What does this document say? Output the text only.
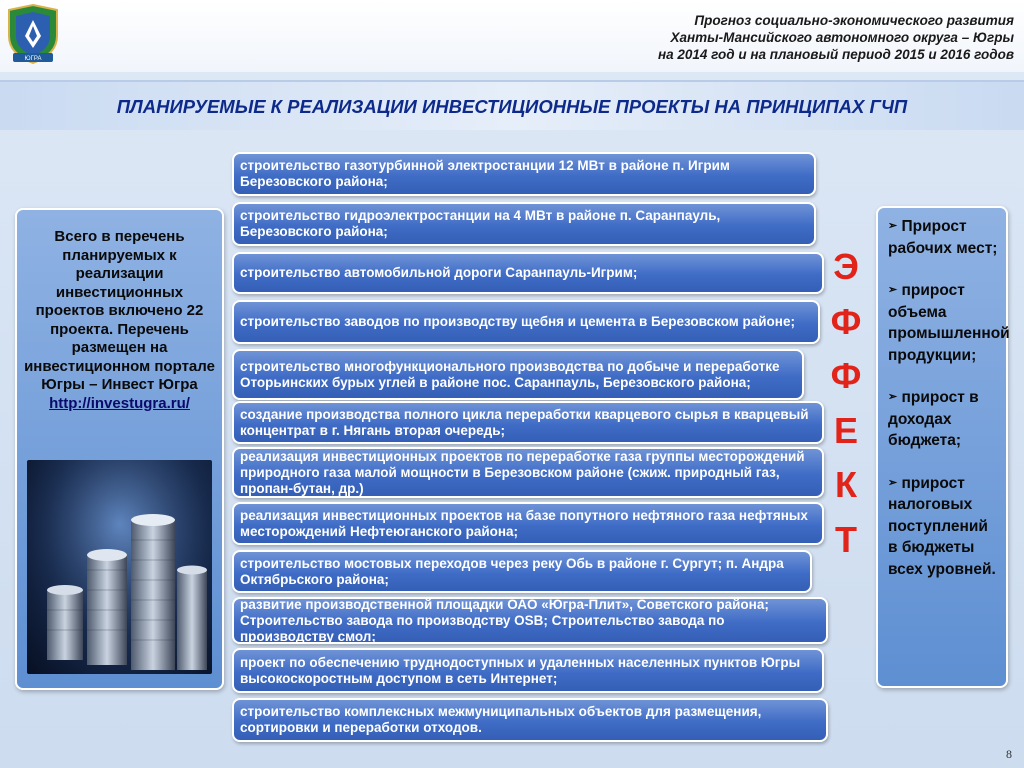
ЮГРА
Прогноз социально-экономического развития
Ханты-Мансийского автономного округа – Югры
на 2014 год и на плановый период 2015 и 2016 годов
ПЛАНИРУЕМЫЕ К РЕАЛИЗАЦИИ ИНВЕСТИЦИОННЫЕ ПРОЕКТЫ НА ПРИНЦИПАХ ГЧП
Всего в перечень планируемых к реализации инвестиционных проектов включено 22 проекта. Перечень размещен на инвестиционном портале Югры – Инвест Югра
http://investugra.ru/
строительство газотурбинной электростанции 12 МВт в районе п. Игрим Березовского района;
строительство гидроэлектростанции на 4 МВт в районе п. Саранпауль, Березовского района;
строительство автомобильной дороги Саранпауль-Игрим;
строительство заводов по производству щебня и цемента в Березовском районе;
строительство многофункционального производства по добыче и переработке Оторьинских бурых углей в районе пос. Саранпауль, Березовского района;
создание производства полного цикла переработки кварцевого сырья в кварцевый концентрат в г. Нягань вторая очередь;
реализация инвестиционных проектов по переработке газа группы месторождений природного газа малой мощности в Березовском районе (сжиж. природный газ, пропан-бутан, др.)
реализация инвестиционных проектов на базе попутного нефтяного газа нефтяных месторождений Нефтеюганского района;
строительство мостовых переходов через реку Обь в районе г. Сургут; п. Андра Октябрьского района;
развитие производственной площадки ОАО «Югра-Плит», Советского района; Строительство завода по производству OSB; Строительство завода по производству смол;
проект по обеспечению труднодоступных и удаленных населенных пунктов Югры высокоскоростным доступом в сеть Интернет;
строительство комплексных межмуниципальных объектов для размещения, сортировки и переработки отходов.
Э
Ф
Ф
Е
К
Т
➢ Прирост рабочих мест;
➢ прирост объема промышленной продукции;
➢ прирост в доходах бюджета;
➢ прирост налоговых поступлений в бюджеты всех уровней.
8
